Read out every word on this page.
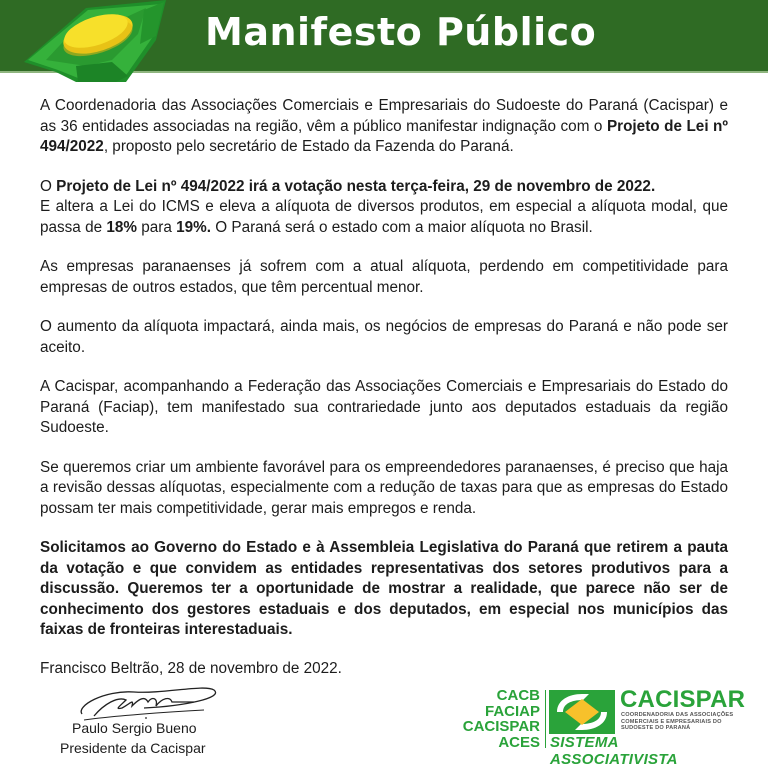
Manifesto Público

A Coordenadoria das Associações Comerciais e Empresariais do Sudoeste do Paraná (Cacispar) e as 36 entidades associadas na região, vêm a público manifestar indignação com o Projeto de Lei nº 494/2022, proposto pelo secretário de Estado da Fazenda do Paraná.

O Projeto de Lei nº 494/2022 irá a votação nesta terça-feira, 29 de novembro de 2022.
E altera a Lei do ICMS e eleva a alíquota de diversos produtos, em especial a alíquota modal, que passa de 18% para 19%. O Paraná será o estado com a maior alíquota no Brasil.

As empresas paranaenses já sofrem com a atual alíquota, perdendo em competitividade para empresas de outros estados, que têm percentual menor.

O aumento da alíquota impactará, ainda mais, os negócios de empresas do Paraná e não pode ser aceito.

A Cacispar, acompanhando a Federação das Associações Comerciais e Empresariais do Estado do Paraná (Faciap), tem manifestado sua contrariedade junto aos deputados estaduais da região Sudoeste.

Se queremos criar um ambiente favorável para os empreendedores paranaenses, é preciso que haja a revisão dessas alíquotas, especialmente com a redução de taxas para que as empresas do Estado possam ter mais competitividade, gerar mais empregos e renda.

Solicitamos ao Governo do Estado e à Assembleia Legislativa do Paraná que retirem a pauta da votação e que convidem as entidades representativas dos setores produtivos para a discussão. Queremos ter a oportunidade de mostrar a realidade, que parece não ser de conhecimento dos gestores estaduais e dos deputados, em especial nos municípios das faixas de fronteiras interestaduais.

Francisco Beltrão, 28 de novembro de 2022.
Paulo Sergio Bueno
Presidente da Cacispar
CACB
FACIAP
CACISPAR
ACES
CACISPAR
COORDENADORIA DAS ASSOCIAÇÕES COMERCIAIS E EMPRESARIAIS DO SUDOESTE DO PARANÁ
SISTEMA ASSOCIATIVISTA
